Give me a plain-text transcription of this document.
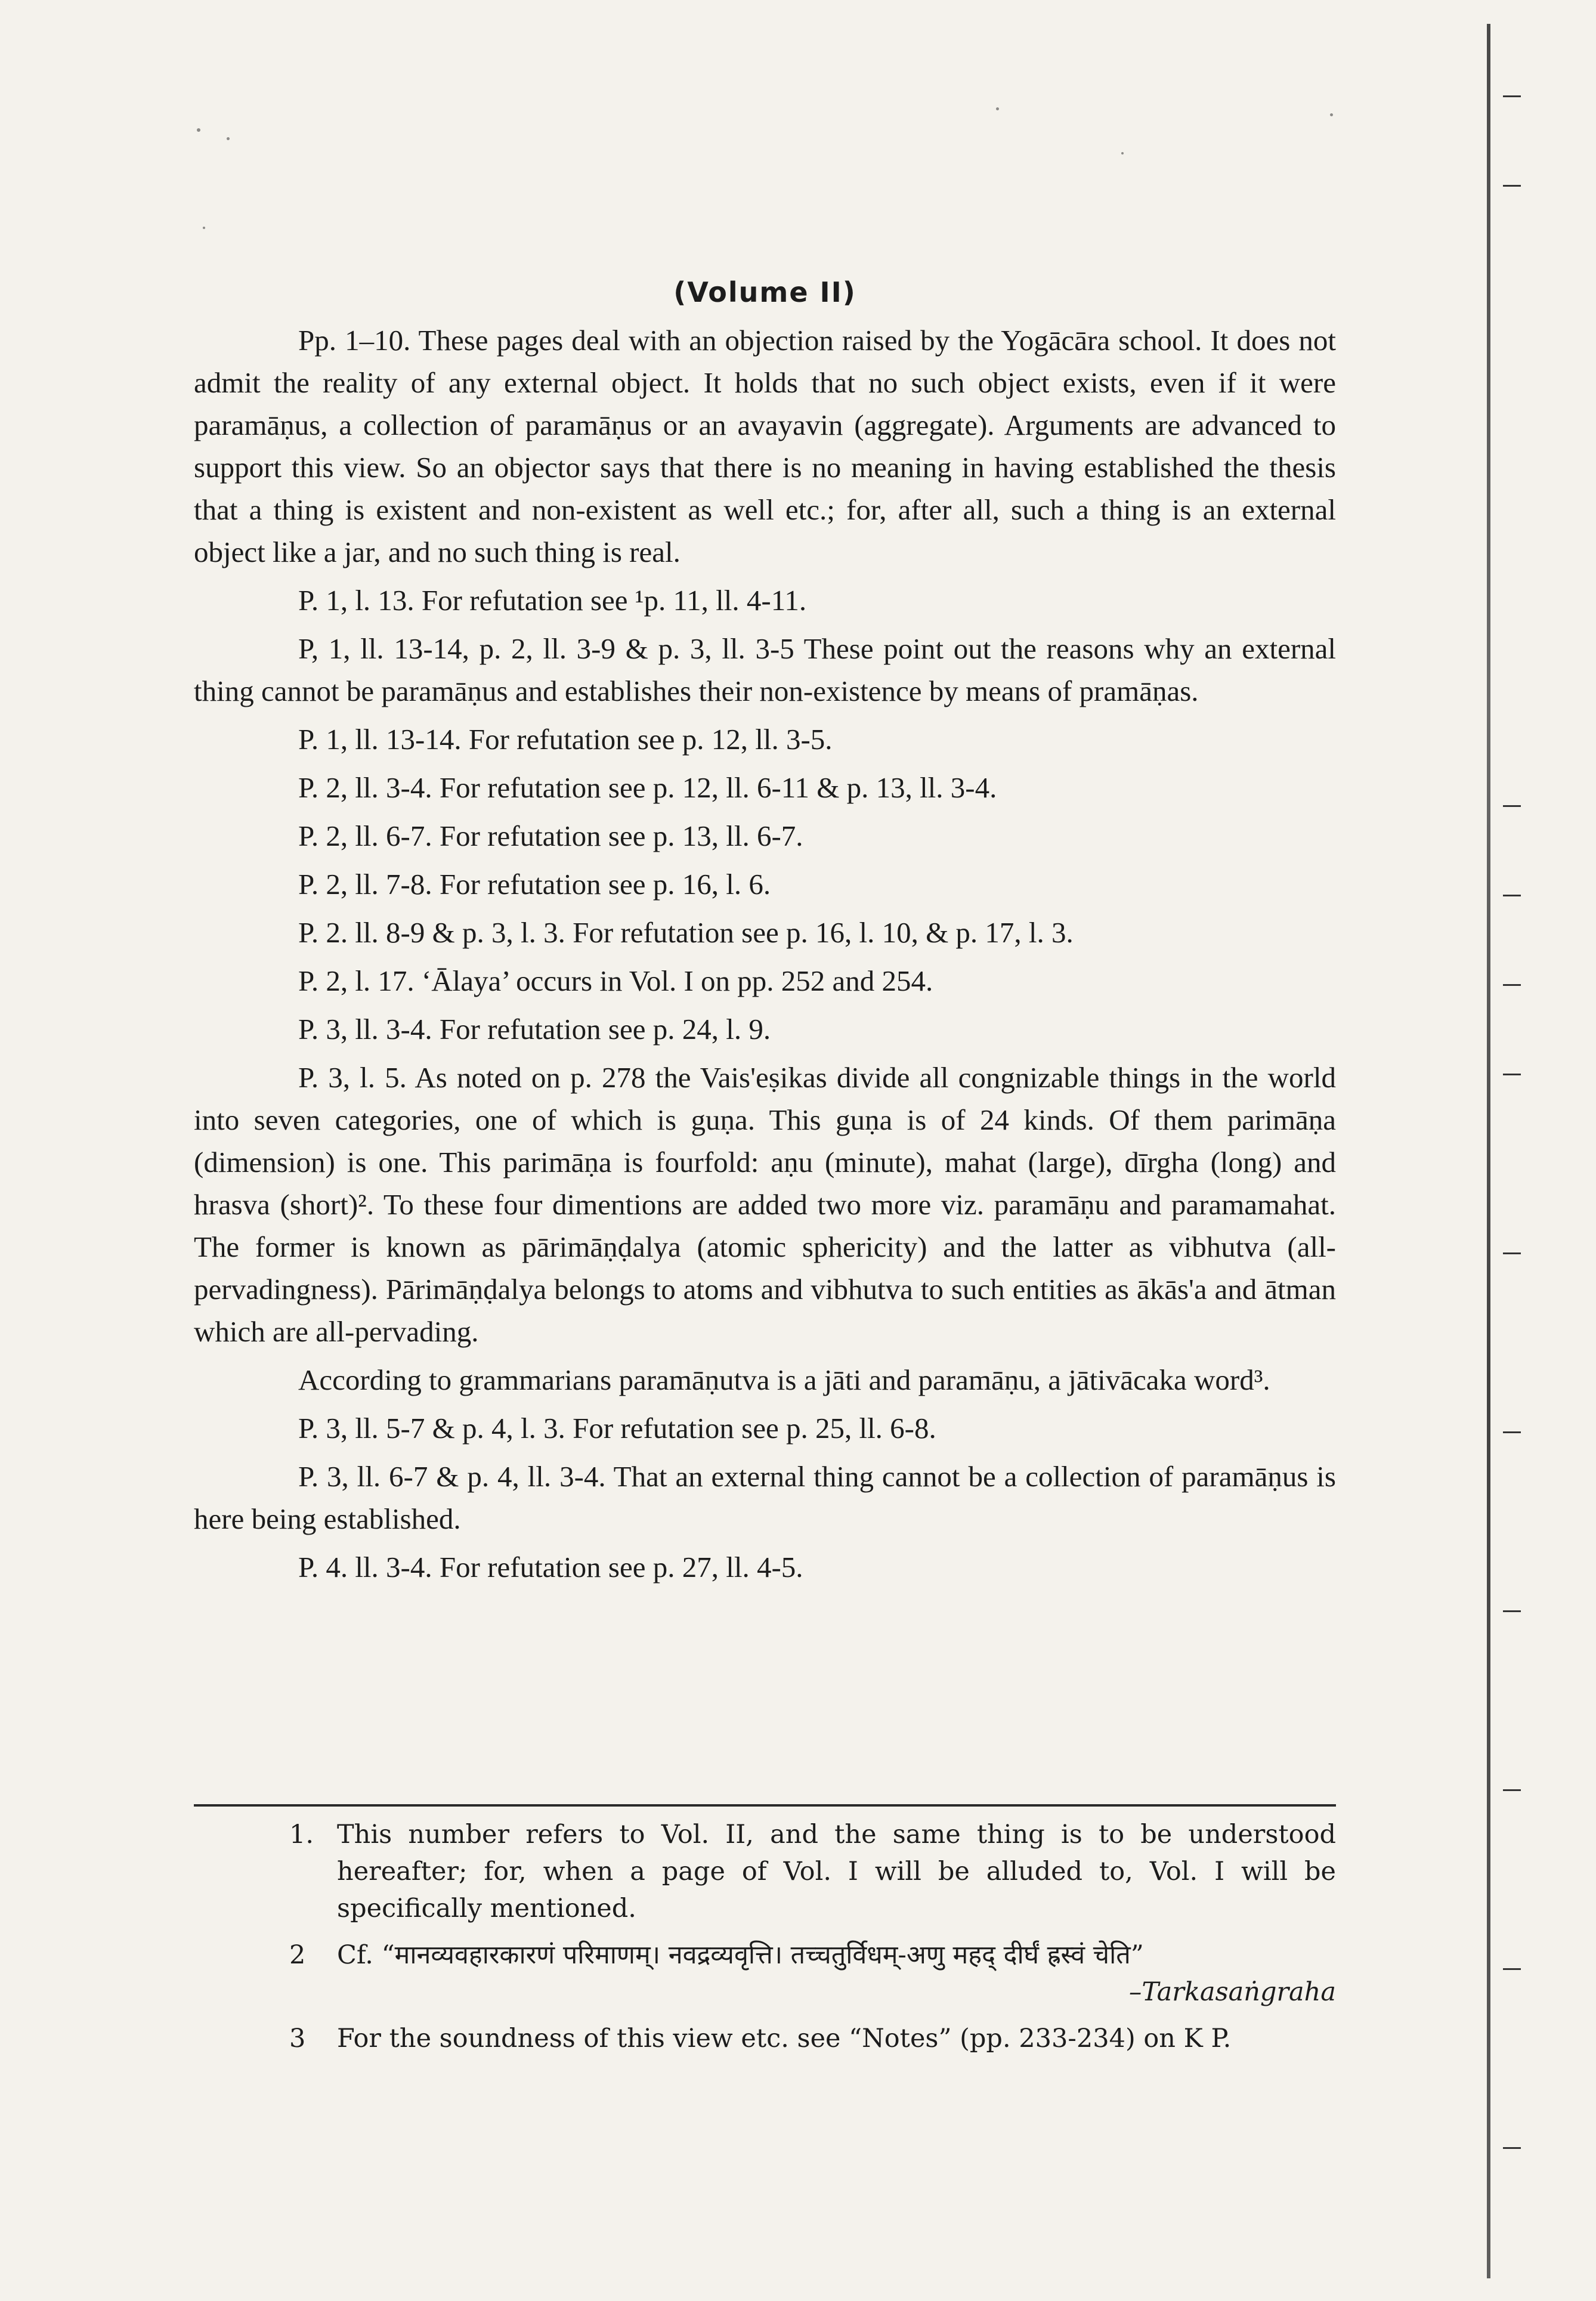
(Volume II)

Pp. 1–10. These pages deal with an objection raised by the Yogācāra school. It does not admit the reality of any external object. It holds that no such object exists, even if it were paramāṇus, a collection of paramāṇus or an avayavin (aggregate). Arguments are advanced to support this view. So an objector says that there is no meaning in having established the thesis that a thing is existent and non-existent as well etc.; for, after all, such a thing is an external object like a jar, and no such thing is real.

P. 1, l. 13. For refutation see ¹p. 11, ll. 4-11.

P, 1, ll. 13-14, p. 2, ll. 3-9 & p. 3, ll. 3-5 These point out the reasons why an external thing cannot be paramāṇus and establishes their non-existence by means of pramāṇas.

P. 1, ll. 13-14. For refutation see p. 12, ll. 3-5.
P. 2, ll. 3-4. For refutation see p. 12, ll. 6-11 & p. 13, ll. 3-4.
P. 2, ll. 6-7. For refutation see p. 13, ll. 6-7.
P. 2, ll. 7-8. For refutation see p. 16, l. 6.
P. 2. ll. 8-9 & p. 3, l. 3. For refutation see p. 16, l. 10, & p. 17, l. 3.
P. 2, l. 17. ‘Ālaya’ occurs in Vol. I on pp. 252 and 254.
P. 3, ll. 3-4. For refutation see p. 24, l. 9.

P. 3, l. 5. As noted on p. 278 the Vais'eṣikas divide all congnizable things in the world into seven categories, one of which is guṇa. This guṇa is of 24 kinds. Of them parimāṇa (dimension) is one. This parimāṇa is fourfold: aṇu (minute), mahat (large), dīrgha (long) and hrasva (short)². To these four dimentions are added two more viz. paramāṇu and paramamahat. The former is known as pārimāṇḍalya (atomic sphericity) and the latter as vibhutva (all-pervadingness). Pārimāṇḍalya belongs to atoms and vibhutva to such entities as ākās'a and ātman which are all-pervading.

According to grammarians paramāṇutva is a jāti and paramāṇu, a jātivācaka word³.

P. 3, ll. 5-7 & p. 4, l. 3. For refutation see p. 25, ll. 6-8.

P. 3, ll. 6-7 & p. 4, ll. 3-4. That an external thing cannot be a collection of paramāṇus is here being established.

P. 4. ll. 3-4. For refutation see p. 27, ll. 4-5.
1. This number refers to Vol. II, and the same thing is to be understood hereafter; for, when a page of Vol. I will be alluded to, Vol. I will be specifically mentioned.
2 Cf. “मानव्यवहारकारणं परिमाणम्। नवद्रव्यवृत्ति। तच्चतुर्विधम्-अणु महद् दीर्घं ह्रस्वं चेति”
–Tarkasaṅgraha
3 For the soundness of this view etc. see “Notes” (pp. 233-234) on K P.
